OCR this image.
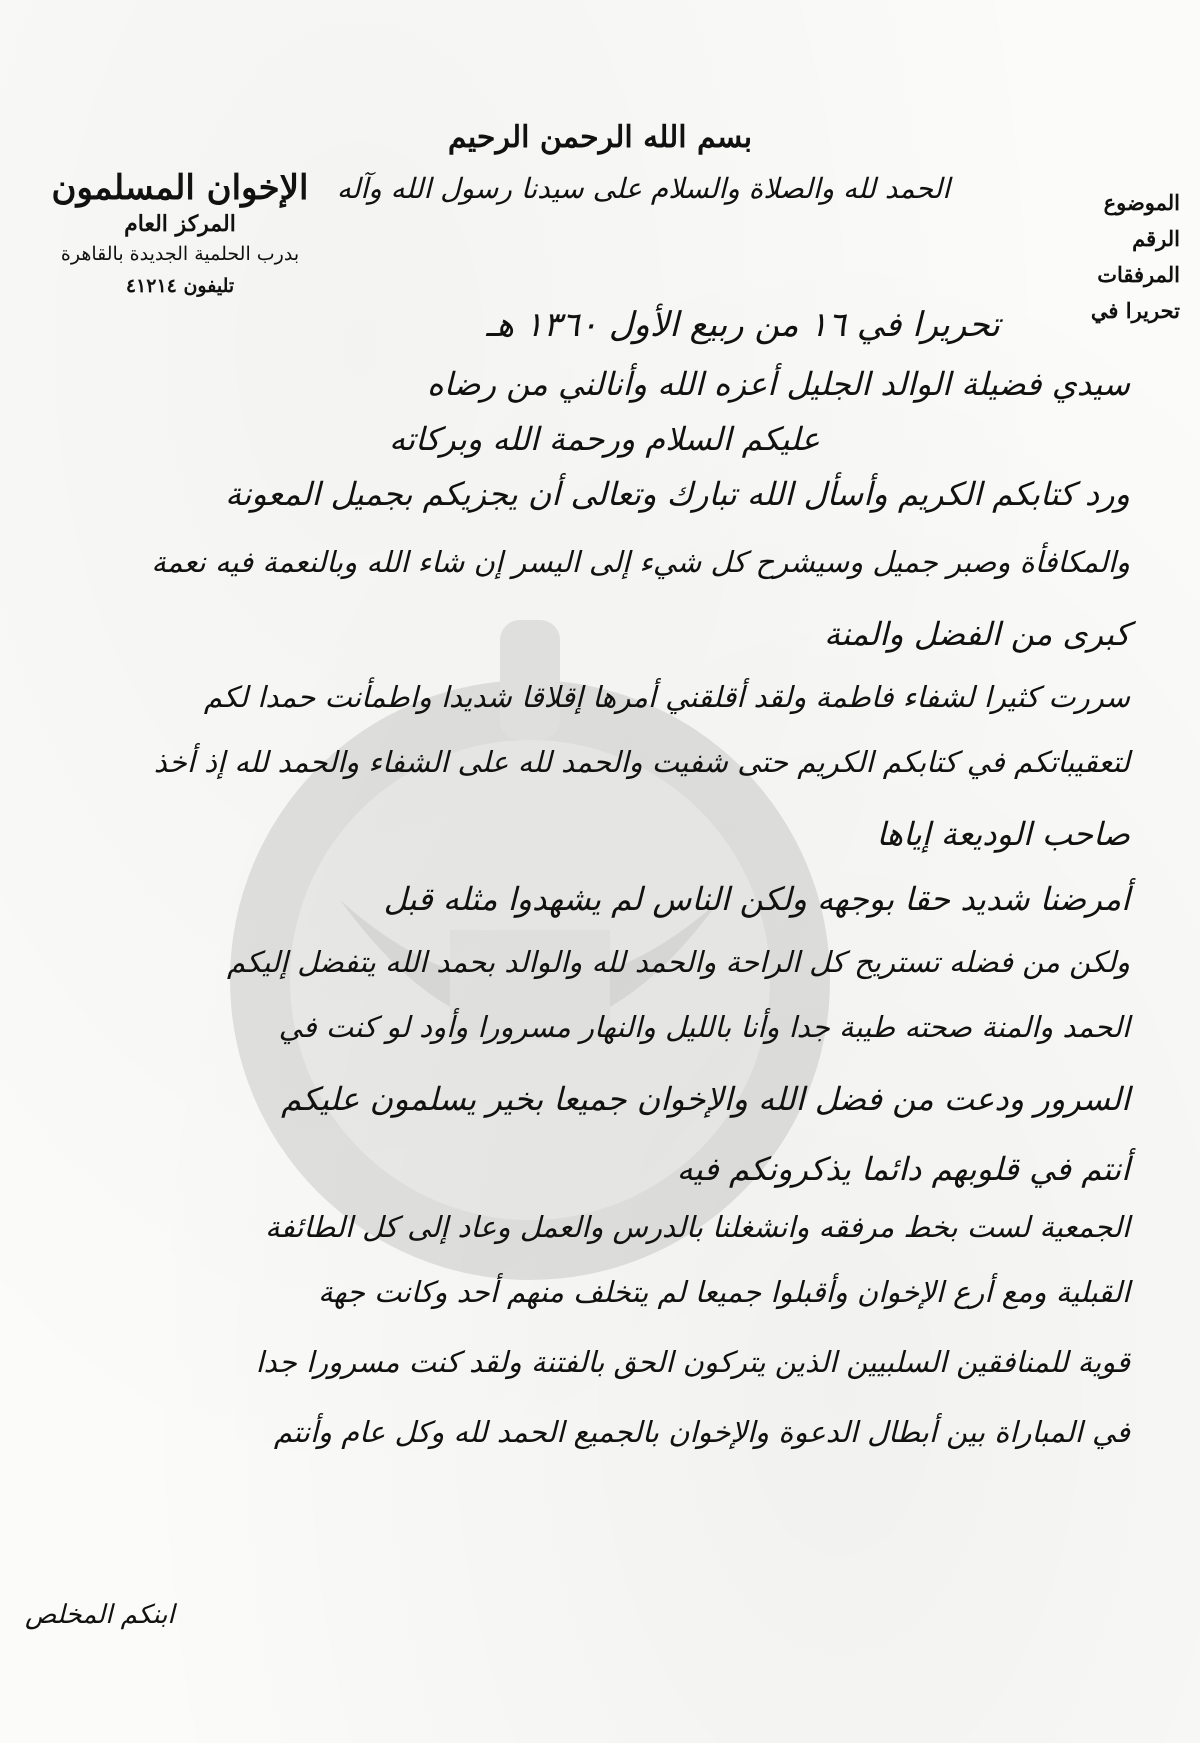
بسم الله الرحمن الرحيم
الإخوان المسلمون
المركز العام
بدرب الحلمية الجديدة بالقاهرة
تليفون ٤١٢١٤
الموضوع
الرقم
المرفقات
تحريرا في
الحمد لله والصلاة والسلام على سيدنا رسول الله وآله
تحريرا في ١٦ من ربيع الأول ١٣٦٠ هـ
سيدي فضيلة الوالد الجليل أعزه الله وأنالني من رضاه
عليكم السلام ورحمة الله وبركاته
ورد كتابكم الكريم وأسأل الله تبارك وتعالى أن يجزيكم بجميل المعونة
والمكافأة وصبر جميل وسيشرح كل شيء إلى اليسر إن شاء الله وبالنعمة فيه نعمة
كبرى من الفضل والمنة
سررت كثيرا لشفاء فاطمة ولقد أقلقني أمرها إقلاقا شديدا واطمأنت حمدا لكم
لتعقيباتكم في كتابكم الكريم حتى شفيت والحمد لله على الشفاء والحمد لله إذ أخذ
صاحب الوديعة إياها
أمرضنا شديد حقا بوجهه ولكن الناس لم يشهدوا مثله قبل
ولكن من فضله تستريح كل الراحة والحمد لله والوالد بحمد الله يتفضل إليكم
الحمد والمنة صحته طيبة جدا وأنا بالليل والنهار مسرورا وأود لو كنت في
السرور ودعت من فضل الله والإخوان جميعا بخير يسلمون عليكم
أنتم في قلوبهم دائما يذكرونكم فيه
الجمعية لست بخط مرفقه وانشغلنا بالدرس والعمل وعاد إلى كل الطائفة
القبلية ومع أرع الإخوان وأقبلوا جميعا لم يتخلف منهم أحد وكانت جهة
قوية للمنافقين السلبيين الذين يتركون الحق بالفتنة ولقد كنت مسرورا جدا
في المباراة بين أبطال الدعوة والإخوان بالجميع الحمد لله وكل عام وأنتم
ابنكم المخلص
